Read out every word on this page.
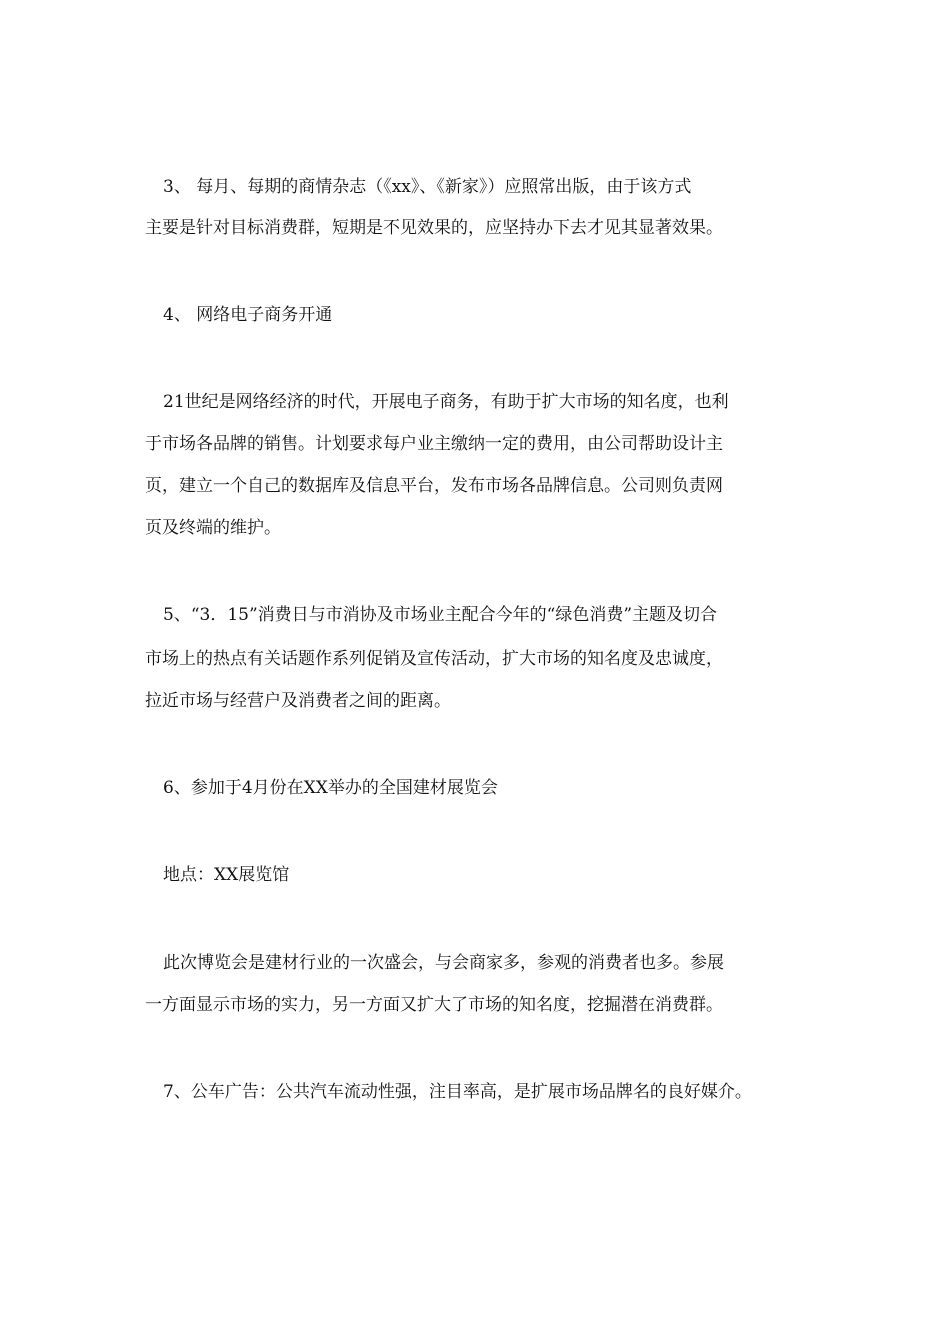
3、 每月、每期的商情杂志（《xx》、《新家》）应照常出版，由于该方式

主要是针对目标消费群，短期是不见效果的，应坚持办下去才见其显著效果。

4、 网络电子商务开通

21世纪是网络经济的时代，开展电子商务，有助于扩大市场的知名度，也利

于市场各品牌的销售。计划要求每户业主缴纳一定的费用，由公司帮助设计主

页，建立一个自己的数据库及信息平台，发布市场各品牌信息。公司则负责网

页及终端的维护。

5、“3．15”消费日与市消协及市场业主配合今年的“绿色消费”主题及切合

市场上的热点有关话题作系列促销及宣传活动，扩大市场的知名度及忠诚度，

拉近市场与经营户及消费者之间的距离。

6、参加于4月份在XX举办的全国建材展览会

地点：XX展览馆

此次博览会是建材行业的一次盛会，与会商家多，参观的消费者也多。参展

一方面显示市场的实力，另一方面又扩大了市场的知名度，挖掘潜在消费群。

7、公车广告：公共汽车流动性强，注目率高，是扩展市场品牌名的良好媒介。
